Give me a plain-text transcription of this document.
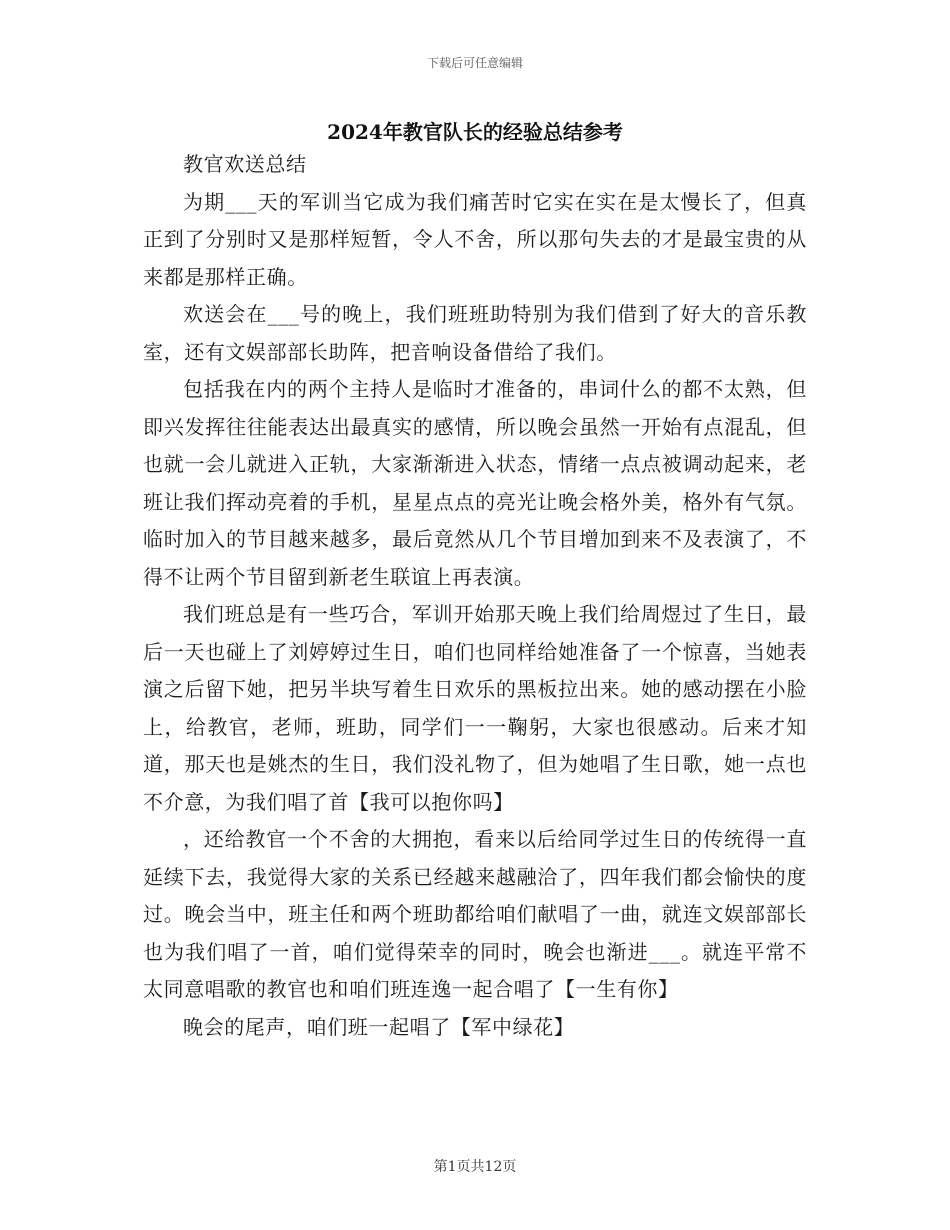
下载后可任意编辑
2024年教官队长的经验总结参考

教官欢送总结

为期___天的军训当它成为我们痛苦时它实在实在是太慢长了，但真正到了分别时又是那样短暂，令人不舍，所以那句失去的才是最宝贵的从来都是那样正确。

欢送会在___号的晚上，我们班班助特别为我们借到了好大的音乐教室，还有文娱部部长助阵，把音响设备借给了我们。

包括我在内的两个主持人是临时才准备的，串词什么的都不太熟，但即兴发挥往往能表达出最真实的感情，所以晚会虽然一开始有点混乱，但也就一会儿就进入正轨，大家渐渐进入状态，情绪一点点被调动起来，老班让我们挥动亮着的手机，星星点点的亮光让晚会格外美，格外有气氛。临时加入的节目越来越多，最后竟然从几个节目增加到来不及表演了，不得不让两个节目留到新老生联谊上再表演。

我们班总是有一些巧合，军训开始那天晚上我们给周煜过了生日，最后一天也碰上了刘婷婷过生日，咱们也同样给她准备了一个惊喜，当她表演之后留下她，把另半块写着生日欢乐的黑板拉出来。她的感动摆在小脸上，给教官，老师，班助，同学们一一鞠躬，大家也很感动。后来才知道，那天也是姚杰的生日，我们没礼物了，但为她唱了生日歌，她一点也不介意，为我们唱了首【我可以抱你吗】

，还给教官一个不舍的大拥抱，看来以后给同学过生日的传统得一直延续下去，我觉得大家的关系已经越来越融洽了，四年我们都会愉快的度过。晚会当中，班主任和两个班助都给咱们献唱了一曲，就连文娱部部长也为我们唱了一首，咱们觉得荣幸的同时，晚会也渐进___。就连平常不太同意唱歌的教官也和咱们班连逸一起合唱了【一生有你】

晚会的尾声，咱们班一起唱了【军中绿花】

第1页共12页
